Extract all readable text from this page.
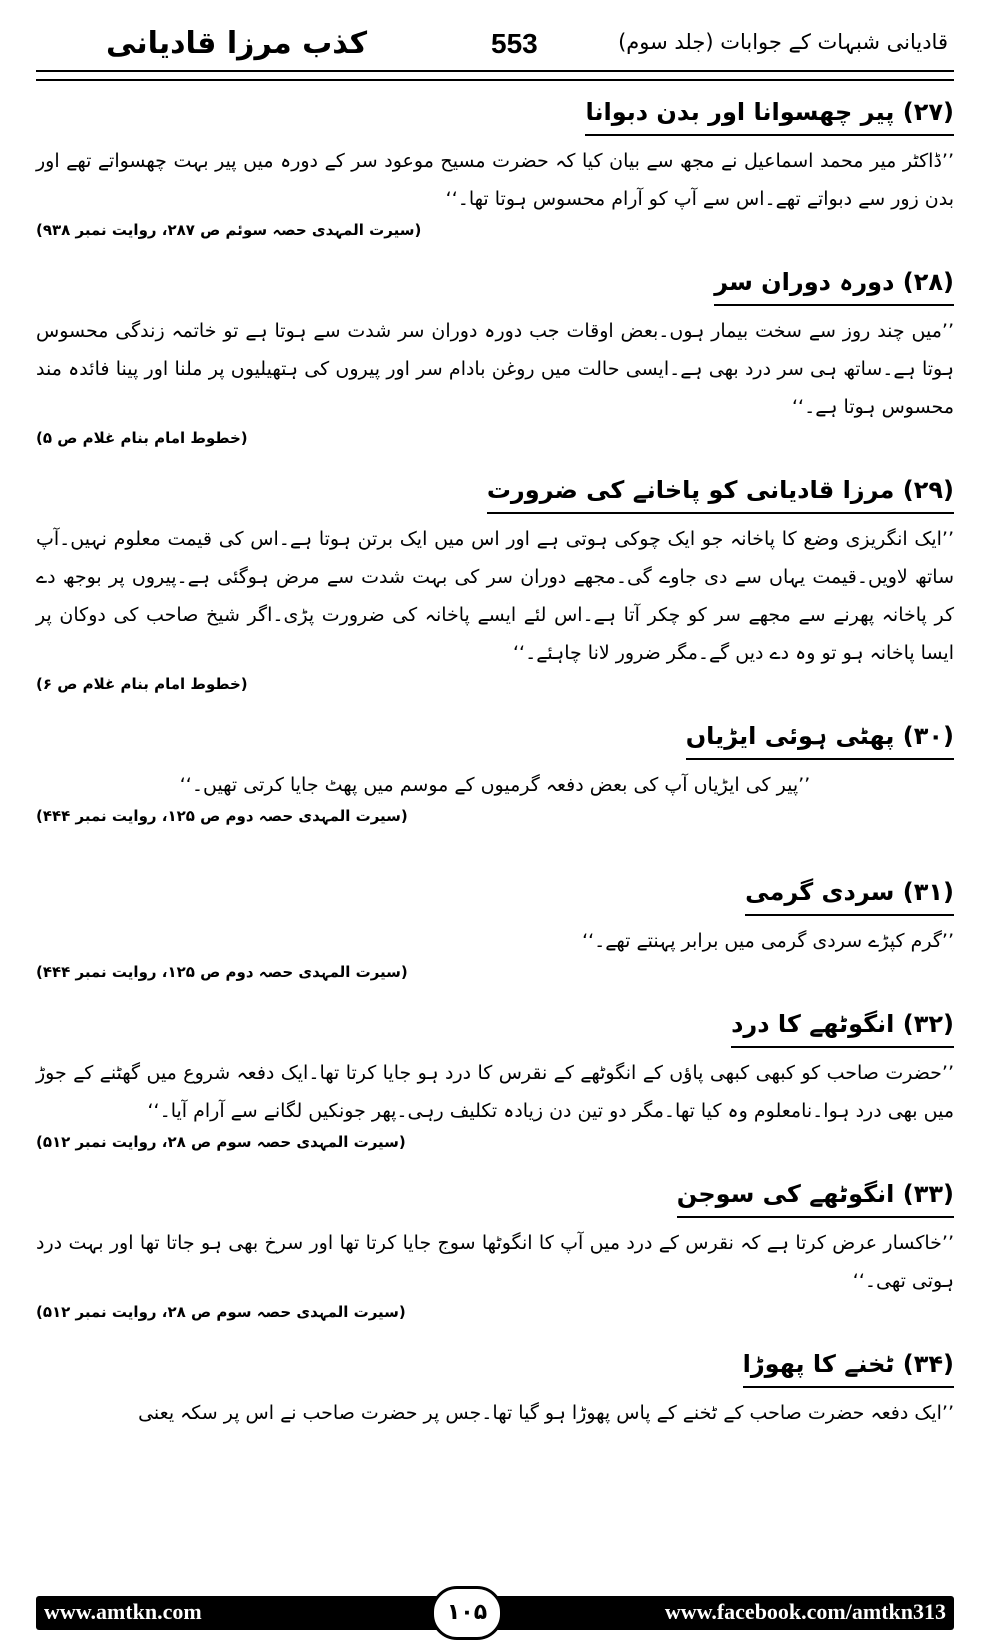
کذب مرزا قادیانی	553	قادیانی شبہات کے جوابات (جلد سوم)
(۲۷) پیر چھسوانا اور بدن دبوانا

’’ڈاکٹر میر محمد اسماعیل نے مجھ سے بیان کیا کہ حضرت مسیح موعود سر کے دورہ میں پیر بہت چھسواتے تھے اور بدن زور سے دبواتے تھے۔اس سے آپ کو آرام محسوس ہوتا تھا۔‘‘

(سیرت المہدی حصہ سوئم ص ۲۸۷، روایت نمبر ۹۳۸)
(۲۸) دورہ دوران سر

’’میں چند روز سے سخت بیمار ہوں۔بعض اوقات جب دورہ دوران سر شدت سے ہوتا ہے تو خاتمہ زندگی محسوس ہوتا ہے۔ساتھ ہی سر درد بھی ہے۔ایسی حالت میں روغن بادام سر اور پیروں کی ہتھیلیوں پر ملنا اور پینا فائدہ مند محسوس ہوتا ہے۔‘‘

(خطوط امام بنام غلام ص ۵)
(۲۹) مرزا قادیانی کو پاخانے کی ضرورت

’’ایک انگریزی وضع کا پاخانہ جو ایک چوکی ہوتی ہے اور اس میں ایک برتن ہوتا ہے۔اس کی قیمت معلوم نہیں۔آپ ساتھ لاویں۔قیمت یہاں سے دی جاوے گی۔مجھے دوران سر کی بہت شدت سے مرض ہوگئی ہے۔پیروں پر بوجھ دے کر پاخانہ پھرنے سے مجھے سر کو چکر آتا ہے۔اس لئے ایسے پاخانہ کی ضرورت پڑی۔اگر شیخ صاحب کی دوکان پر ایسا پاخانہ ہو تو وہ دے دیں گے۔مگر ضرور لانا چاہئے۔‘‘

(خطوط امام بنام غلام ص ۶)
(۳۰) پھٹی ہوئی ایڑیاں

’’پیر کی ایڑیاں آپ کی بعض دفعہ گرمیوں کے موسم میں پھٹ جایا کرتی تھیں۔‘‘

(سیرت المہدی حصہ دوم ص ۱۲۵، روایت نمبر ۴۴۴)
(۳۱) سردی گرمی

’’گرم کپڑے سردی گرمی میں برابر پہنتے تھے۔‘‘

(سیرت المہدی حصہ دوم ص ۱۲۵، روایت نمبر ۴۴۴)
(۳۲) انگوٹھے کا درد

’’حضرت صاحب کو کبھی کبھی پاؤں کے انگوٹھے کے نقرس کا درد ہو جایا کرتا تھا۔ایک دفعہ شروع میں گھٹنے کے جوڑ میں بھی درد ہوا۔نامعلوم وہ کیا تھا۔مگر دو تین دن زیادہ تکلیف رہی۔پھر جونکیں لگانے سے آرام آیا۔‘‘

(سیرت المہدی حصہ سوم ص ۲۸، روایت نمبر ۵۱۲)
(۳۳) انگوٹھے کی سوجن

’’خاکسار عرض کرتا ہے کہ نقرس کے درد میں آپ کا انگوٹھا سوج جایا کرتا تھا اور سرخ بھی ہو جاتا تھا اور بہت درد ہوتی تھی۔‘‘

(سیرت المہدی حصہ سوم ص ۲۸، روایت نمبر ۵۱۲)
(۳۴) ٹخنے کا پھوڑا

’’ایک دفعہ حضرت صاحب کے ٹخنے کے پاس پھوڑا ہو گیا تھا۔جس پر حضرت صاحب نے اس پر سکہ یعنی

www.amtkn.com	۱۰۵	www.facebook.com/amtkn313
